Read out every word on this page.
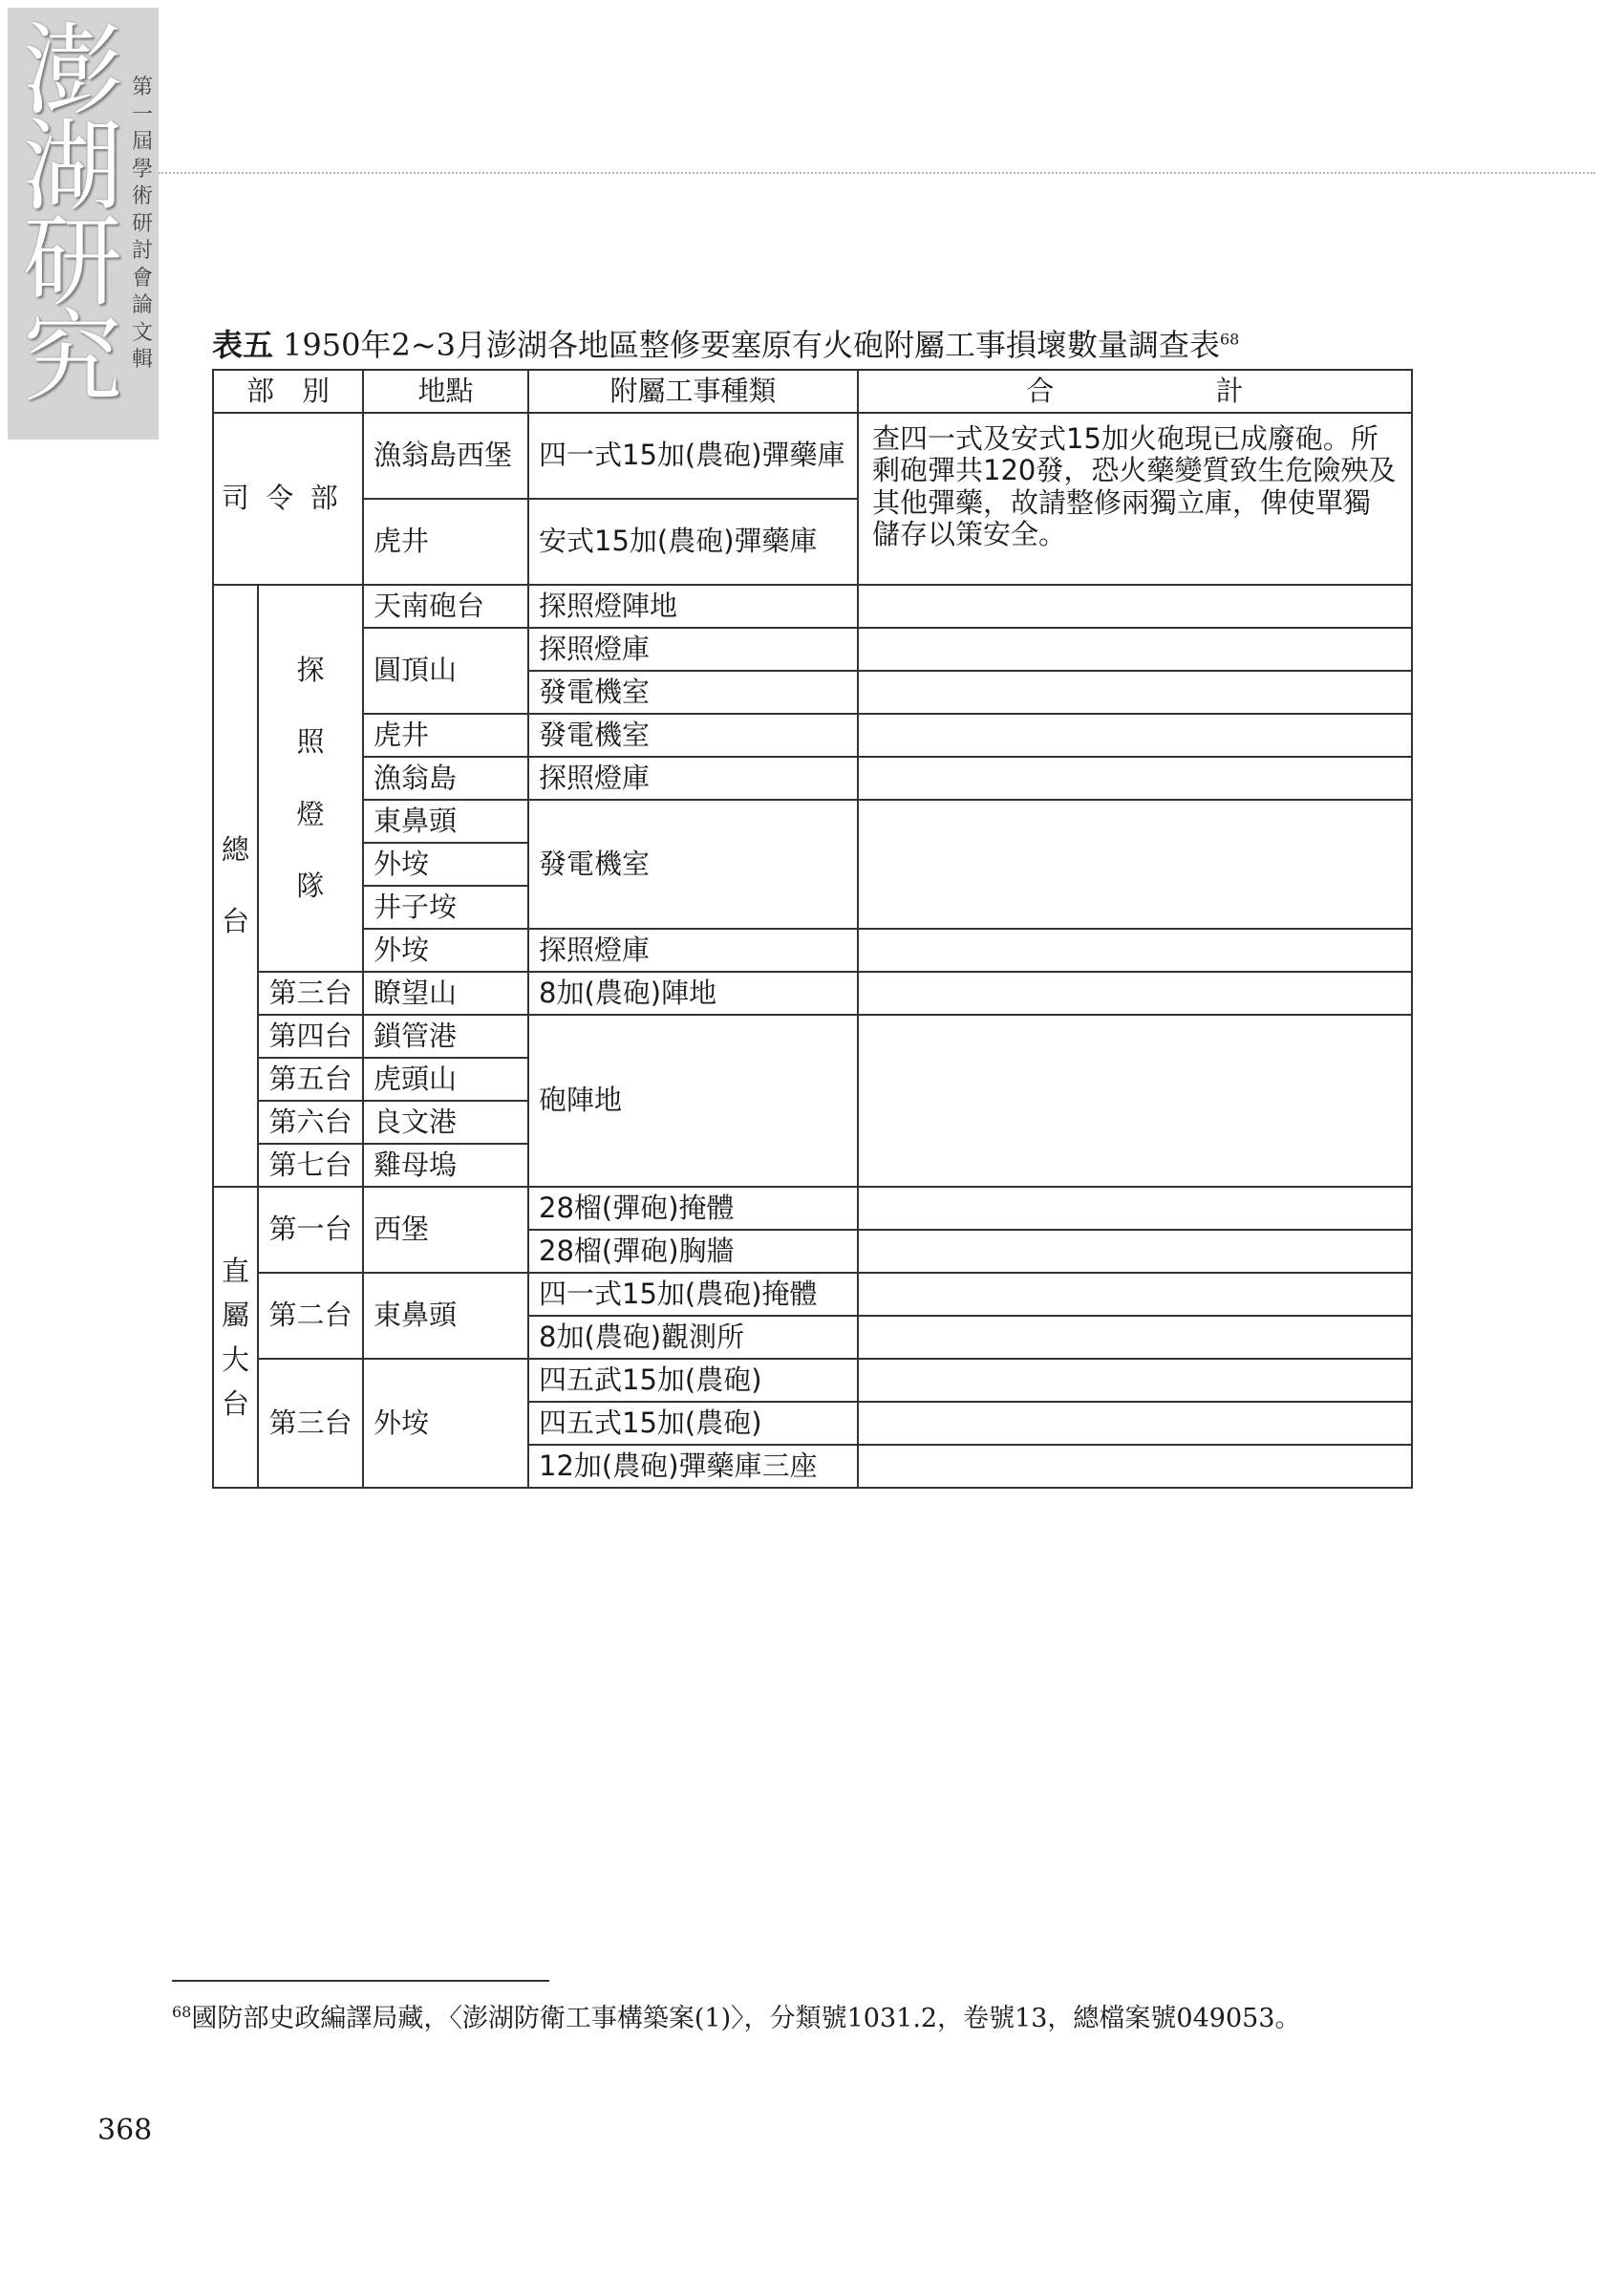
澎
湖
研
究
第一屆學術研討會論文輯 表五 1950年2~3月澎湖各地區整修要塞原有火砲附屬工事損壞數量調查表$^{68}$
部　別		地點	附屬工事種類	合 計
司令部		漁翁島西堡	四一式15加(農砲)彈藥庫	查四一式及安式15加火砲現已成廢砲。所剩砲彈共120發，恐火藥變質致生危險殃及其他彈藥，故請整修兩獨立庫，俾使單獨儲存以策安全。
		虎井	安式15加(農砲)彈藥庫	
總台	探照燈隊	天南砲台	探照燈陣地	
		圓頂山	探照燈庫	
			發電機室	
		虎井	發電機室	
		漁翁島	探照燈庫	
		東鼻頭	發電機室	
		外垵		
		井子垵		
		外垵	探照燈庫	
	第三台	瞭望山	8加(農砲)陣地	
	第四台	鎖管港	砲陣地	
	第五台	虎頭山		
	第六台	良文港		
	第七台	雞母塢		
直屬大台	第一台	西堡	28榴(彈砲)掩體	
			28榴(彈砲)胸牆	
	第二台	東鼻頭	四一式15加(農砲)掩體	
			8加(農砲)觀測所	
	第三台	外垵	四五武15加(農砲)	
			四五式15加(農砲)	
			12加(農砲)彈藥庫三座	
$^{68}$國防部史政編譯局藏，〈澎湖防衛工事構築案(1)〉，分類號1031.2，卷號13，總檔案號049053。
368
